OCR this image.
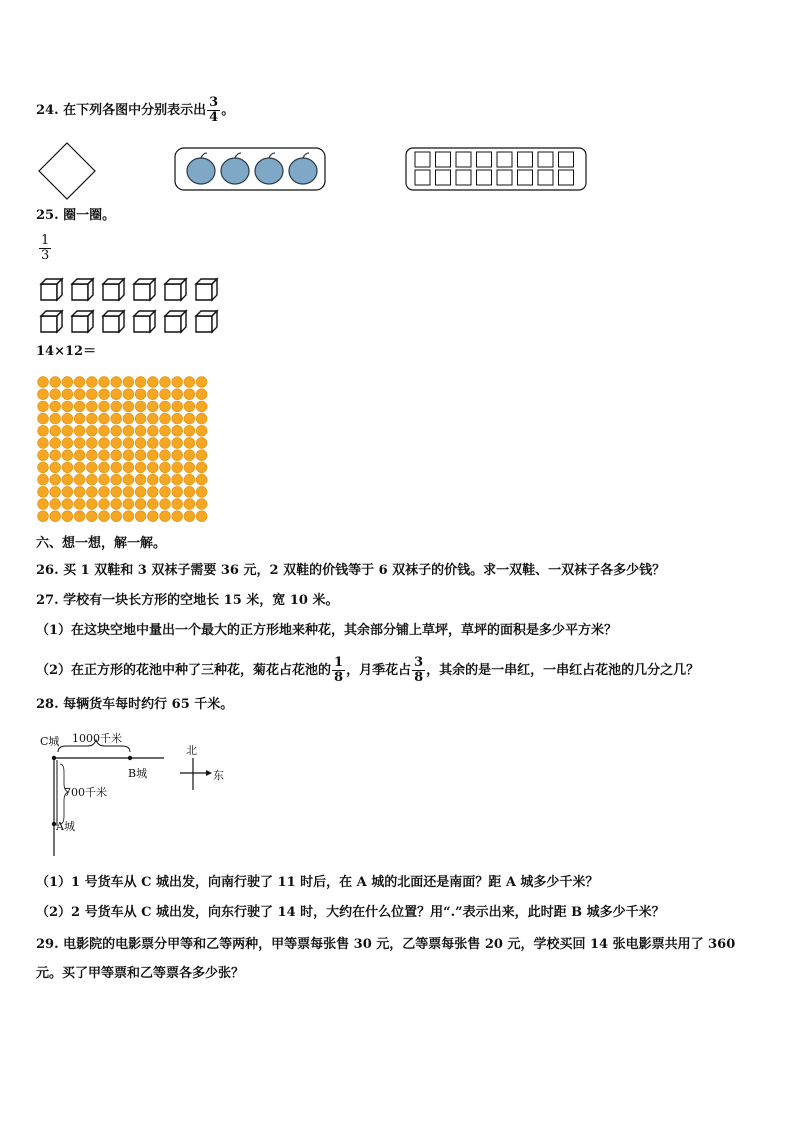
24. 在下列各图中分别表示出 $\frac{3}{4}$ 。
25. 圈一圈。
$\frac{1}{3}$
14×12＝
六、想一想，解一解。
26. 买 1 双鞋和 3 双袜子需要 36 元，2 双鞋的价钱等于 6 双袜子的价钱。求一双鞋、一双袜子各多少钱？
27. 学校有一块长方形的空地长 15 米，宽 10 米。
（1）在这块空地中量出一个最大的正方形地来种花，其余部分铺上草坪，草坪的面积是多少平方米？
（2）在正方形的花池中种了三种花，菊花占花池的 $\frac{1}{8}$ ，月季花占 $\frac{3}{8}$ ，其余的是一串红，一串红占花池的几分之几？
28. 每辆货车每时约行 65 千米。
C城 1000千米
B城
700千米
A城
北
东
（1）1 号货车从 C 城出发，向南行驶了 11 时后，在 A 城的北面还是南面？距 A 城多少千米？
（2）2 号货车从 C 城出发，向东行驶了 14 时，大约在什么位置？用“.”表示出来，此时距 B 城多少千米？
29. 电影院的电影票分甲等和乙等两种，甲等票每张售 30 元，乙等票每张售 20 元，学校买回 14 张电影票共用了 360
元。买了甲等票和乙等票各多少张？
